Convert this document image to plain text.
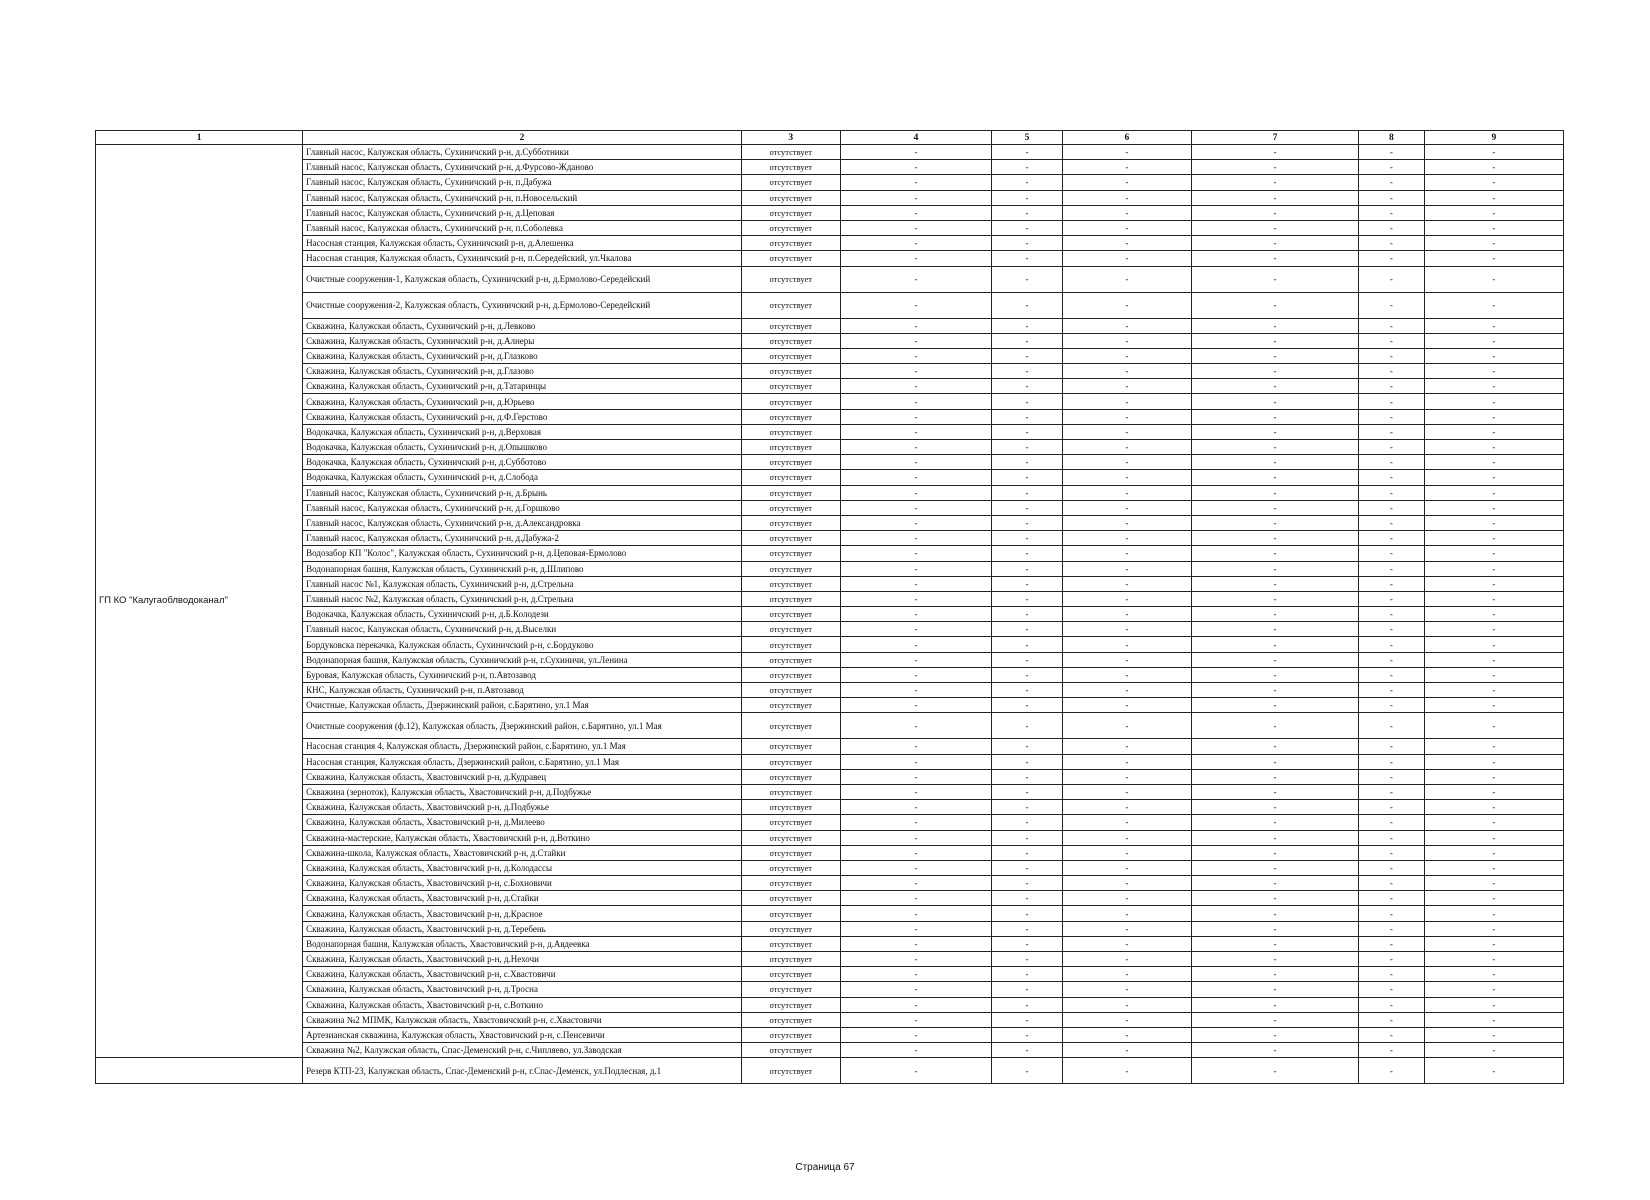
1	2	3	4	5	6	7	8	9
ГП КО "Калугаоблводоканал"	Главный насос, Калужская область, Сухиничский р-н, д.Субботники	отсутствует	-	-	-	-	-	-
	Главный насос, Калужская область, Сухиничский р-н, д.Фурсово-Жданово	отсутствует	-	-	-	-	-	-
	Главный насос, Калужская область, Сухиничский р-н, п.Дабужа	отсутствует	-	-	-	-	-	-
	Главный насос, Калужская область, Сухиничский р-н, п.Новосельский	отсутствует	-	-	-	-	-	-
	Главный насос, Калужская область, Сухиничский р-н, д.Цеповая	отсутствует	-	-	-	-	-	-
	Главный насос, Калужская область, Сухиничский р-н, п.Соболевка	отсутствует	-	-	-	-	-	-
	Насосная станция, Калужская область, Сухиничский р-н, д.Алешенка	отсутствует	-	-	-	-	-	-
	Насосная станция, Калужская область, Сухиничский р-н, п.Середейский, ул.Чкалова	отсутствует	-	-	-	-	-	-
	Очистные сооружения-1, Калужская область, Сухиничский р-н, д.Ермолово-Середейский	отсутствует	-	-	-	-	-	-
	Очистные сооружения-2, Калужская область, Сухиничский р-н, д.Ермолово-Середейский	отсутствует	-	-	-	-	-	-
	Скважина, Калужская область, Сухиничский р-н, д.Левково	отсутствует	-	-	-	-	-	-
	Скважина, Калужская область, Сухиничский р-н, д.Алнеры	отсутствует	-	-	-	-	-	-
	Скважина, Калужская область, Сухиничский р-н, д.Глазково	отсутствует	-	-	-	-	-	-
	Скважина, Калужская область, Сухиничский р-н, д.Глазово	отсутствует	-	-	-	-	-	-
	Скважина, Калужская область, Сухиничский р-н, д.Татаринцы	отсутствует	-	-	-	-	-	-
	Скважина, Калужская область, Сухиничский р-н, д.Юрьево	отсутствует	-	-	-	-	-	-
	Скважина, Калужская область, Сухиничский р-н, д.Ф.Герстово	отсутствует	-	-	-	-	-	-
	Водокачка, Калужская область, Сухиничский р-н, д.Верховая	отсутствует	-	-	-	-	-	-
	Водокачка, Калужская область, Сухиничский р-н, д.Опышково	отсутствует	-	-	-	-	-	-
	Водокачка, Калужская область, Сухиничский р-н, д.Субботово	отсутствует	-	-	-	-	-	-
	Водокачка, Калужская область, Сухиничский р-н, д.Слобода	отсутствует	-	-	-	-	-	-
	Главный насос, Калужская область, Сухиничский р-н, д.Брынь	отсутствует	-	-	-	-	-	-
	Главный насос, Калужская область, Сухиничский р-н, д.Горшково	отсутствует	-	-	-	-	-	-
	Главный насос, Калужская область, Сухиничский р-н, д.Александровка	отсутствует	-	-	-	-	-	-
	Главный насос, Калужская область, Сухиничский р-н, д.Дабужа-2	отсутствует	-	-	-	-	-	-
	Водозабор КП "Колос", Калужская область, Сухиничский р-н, д.Цеповая-Ермолово	отсутствует	-	-	-	-	-	-
	Водонапорная башня, Калужская область, Сухиничский р-н, д.Шлипово	отсутствует	-	-	-	-	-	-
	Главный насос №1, Калужская область, Сухиничский р-н, д.Стрельна	отсутствует	-	-	-	-	-	-
	Главный насос №2, Калужская область, Сухиничский р-н, д.Стрельна	отсутствует	-	-	-	-	-	-
	Водокачка, Калужская область, Сухиничский р-н, д.Б.Колодези	отсутствует	-	-	-	-	-	-
	Главный насос, Калужская область, Сухиничский р-н, д.Выселки	отсутствует	-	-	-	-	-	-
	Бордуковска перекачка, Калужская область, Сухиничский р-н, с.Бордуково	отсутствует	-	-	-	-	-	-
	Водонапорная башня, Калужская область, Сухиничский р-н, г.Сухиничи, ул.Ленина	отсутствует	-	-	-	-	-	-
	Буровая, Калужская область, Сухиничский р-н, п.Автозавод	отсутствует	-	-	-	-	-	-
	КНС, Калужская область, Сухиничский р-н, п.Автозавод	отсутствует	-	-	-	-	-	-
	Очистные, Калужская область, Дзержинский район, с.Барятино, ул.1 Мая	отсутствует	-	-	-	-	-	-
	Очистные сооружения (ф.12), Калужская область, Дзержинский район, с.Барятино, ул.1 Мая	отсутствует	-	-	-	-	-	-
	Насосная станция 4, Калужская область, Дзержинский район, с.Барятино, ул.1 Мая	отсутствует	-	-	-	-	-	-
	Насосная станция, Калужская область, Дзержинский район, с.Барятино, ул.1 Мая	отсутствует	-	-	-	-	-	-
	Скважина, Калужская область, Хвастовичский р-н, д.Кудравец	отсутствует	-	-	-	-	-	-
	Скважина (зерноток), Калужская область, Хвастовичский р-н, д.Подбужье	отсутствует	-	-	-	-	-	-
	Скважина, Калужская область, Хвастовичский р-н, д.Подбужье	отсутствует	-	-	-	-	-	-
	Скважина, Калужская область, Хвастовичский р-н, д.Милеево	отсутствует	-	-	-	-	-	-
	Скважина-мастерские, Калужская область, Хвастовичский р-н, д.Воткино	отсутствует	-	-	-	-	-	-
	Скважина-школа, Калужская область, Хвастовичский р-н, д.Стайки	отсутствует	-	-	-	-	-	-
	Скважина, Калужская область, Хвастовичский р-н, д.Колодассы	отсутствует	-	-	-	-	-	-
	Скважина, Калужская область, Хвастовичский р-н, с.Бохновичи	отсутствует	-	-	-	-	-	-
	Скважина, Калужская область, Хвастовичский р-н, д.Стайки	отсутствует	-	-	-	-	-	-
	Скважина, Калужская область, Хвастовичский р-н, д.Красное	отсутствует	-	-	-	-	-	-
	Скважина, Калужская область, Хвастовичский р-н, д.Теребень	отсутствует	-	-	-	-	-	-
	Водонапорная башня, Калужская область, Хвастовичский р-н, д.Авдеевка	отсутствует	-	-	-	-	-	-
	Скважина, Калужская область, Хвастовичский р-н, д.Нехочи	отсутствует	-	-	-	-	-	-
	Скважина, Калужская область, Хвастовичский р-н, с.Хвастовичи	отсутствует	-	-	-	-	-	-
	Скважина, Калужская область, Хвастовичский р-н, д.Тросна	отсутствует	-	-	-	-	-	-
	Скважина, Калужская область, Хвастовичский р-н, с.Воткино	отсутствует	-	-	-	-	-	-
	Скважина №2 МПМК, Калужская область, Хвастовичский р-н, с.Хвастовичи	отсутствует	-	-	-	-	-	-
	Артезианская скважина, Калужская область, Хвастовичский р-н, с.Пенсевичи	отсутствует	-	-	-	-	-	-
	Скважина №2, Калужская область, Спас-Деменский р-н, с.Чипляево, ул.Заводская	отсутствует	-	-	-	-	-	-
	Резерв КТП-23, Калужская область, Спас-Деменский р-н, г.Спас-Деменск, ул.Подлесная, д.1	отсутствует	-	-	-	-	-	-
Страница 67
